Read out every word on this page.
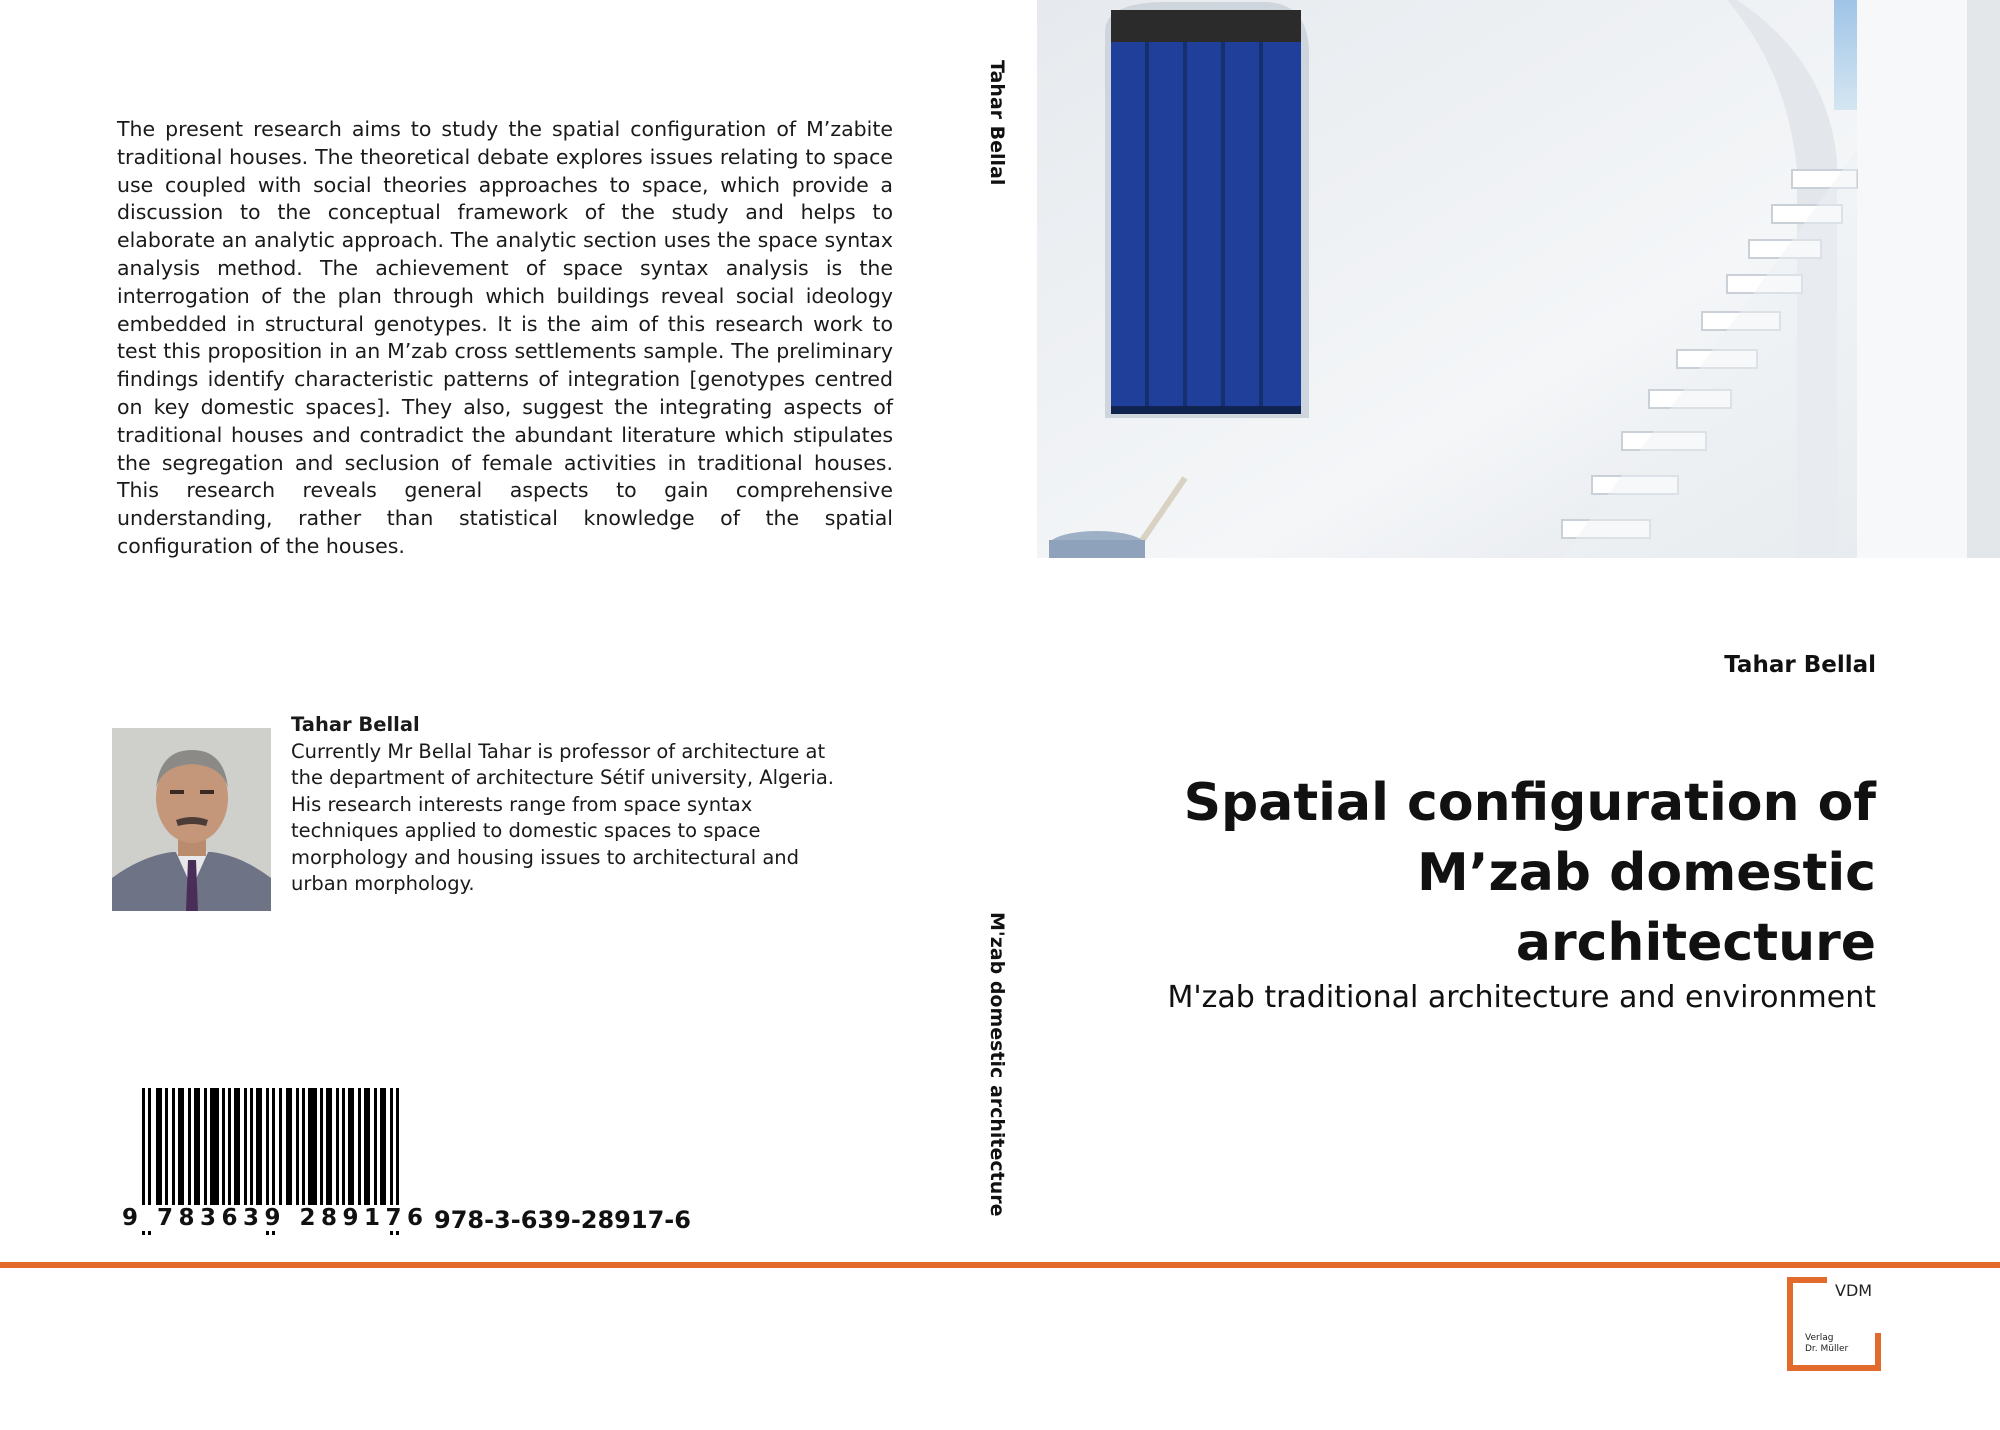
The present research aims to study the spatial configuration of M’zabite traditional houses. The theoretical debate explores issues relating to space use coupled with social theories approaches to space, which provide a discussion to the conceptual framework of the study and helps to elaborate an analytic approach. The analytic section uses the space syntax analysis method. The achievement of space syntax analysis is the interrogation of the plan through which buildings reveal social ideology embedded in structural genotypes. It is the aim of this research work to test this proposition in an M’zab cross settlements sample. The preliminary findings identify characteristic patterns of integration [genotypes centred on key domestic spaces]. They also, suggest the integrating aspects of traditional houses and contradict the abundant literature which stipulates the segregation and seclusion of female activities in traditional houses. This research reveals general aspects to gain comprehensive understanding, rather than statistical knowledge of the spatial configuration of the houses.
Tahar Bellal
Currently Mr Bellal Tahar is professor of architecture at the department of architecture Sétif university, Algeria. His research interests range from space syntax techniques applied to domestic spaces to space morphology and housing issues to architectural and urban morphology.
9 783639 289176 978-3-639-28917-6
Tahar Bellal
M'zab domestic architecture
Tahar Bellal
Spatial configuration of
M’zab domestic
architecture
M'zab traditional architecture and environment
VDM
Verlag
Dr. Müller
